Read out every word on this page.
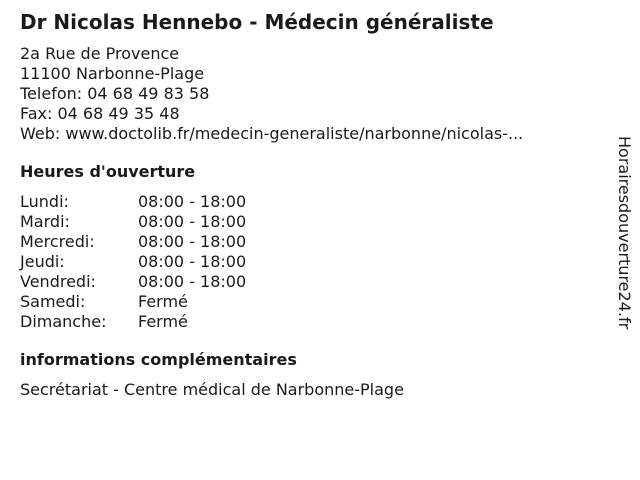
Dr Nicolas Hennebo - Médecin généraliste
2a Rue de Provence
11100 Narbonne-Plage
Telefon: 04 68 49 83 58
Fax: 04 68 49 35 48
Web: www.doctolib.fr/medecin-generaliste/narbonne/nicolas-...
Heures d'ouverture
Lundi:	08:00 - 18:00
Mardi:	08:00 - 18:00
Mercredi:	08:00 - 18:00
Jeudi:	08:00 - 18:00
Vendredi:	08:00 - 18:00
Samedi:	Fermé
Dimanche:	Fermé
informations complémentaires
Secrétariat - Centre médical de Narbonne-Plage
Horairesdouverture24.fr
